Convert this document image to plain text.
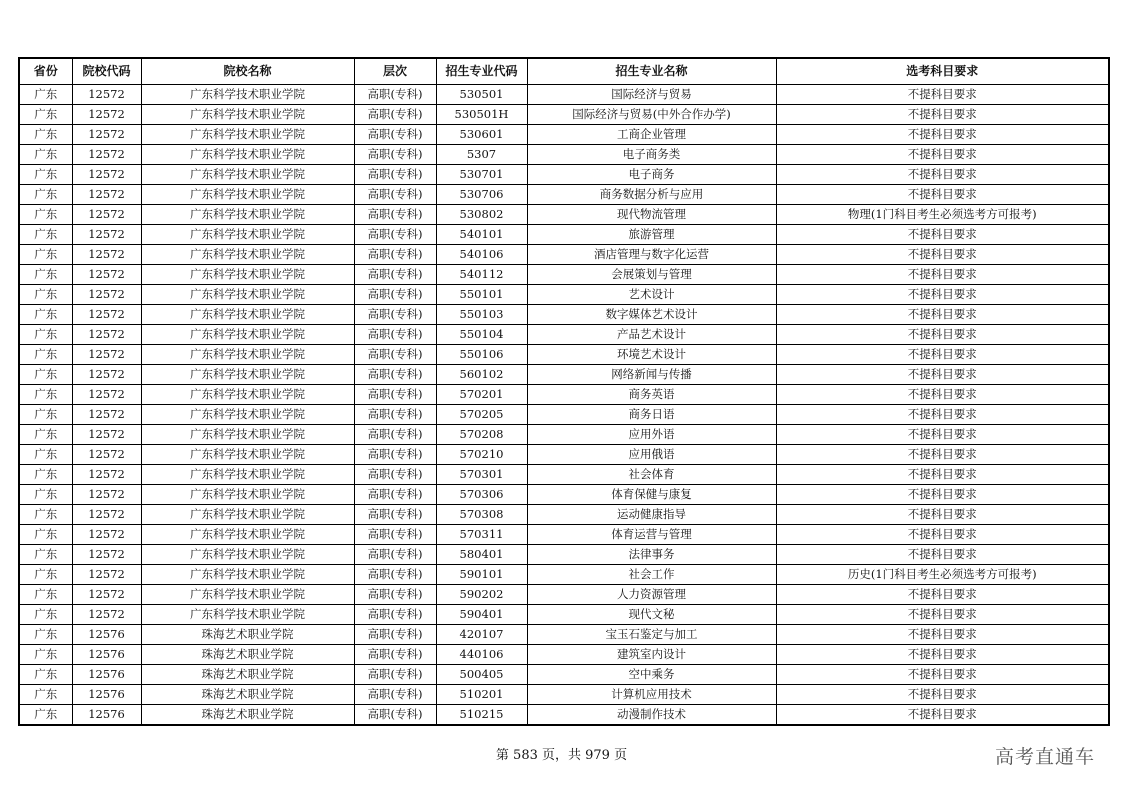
省份	院校代码	院校名称	层次	招生专业代码	招生专业名称	选考科目要求
广东	12572	广东科学技术职业学院	高职(专科)	530501	国际经济与贸易	不提科目要求
广东	12572	广东科学技术职业学院	高职(专科)	530501H	国际经济与贸易(中外合作办学)	不提科目要求
广东	12572	广东科学技术职业学院	高职(专科)	530601	工商企业管理	不提科目要求
广东	12572	广东科学技术职业学院	高职(专科)	5307	电子商务类	不提科目要求
广东	12572	广东科学技术职业学院	高职(专科)	530701	电子商务	不提科目要求
广东	12572	广东科学技术职业学院	高职(专科)	530706	商务数据分析与应用	不提科目要求
广东	12572	广东科学技术职业学院	高职(专科)	530802	现代物流管理	物理(1门科目考生必须选考方可报考)
广东	12572	广东科学技术职业学院	高职(专科)	540101	旅游管理	不提科目要求
广东	12572	广东科学技术职业学院	高职(专科)	540106	酒店管理与数字化运营	不提科目要求
广东	12572	广东科学技术职业学院	高职(专科)	540112	会展策划与管理	不提科目要求
广东	12572	广东科学技术职业学院	高职(专科)	550101	艺术设计	不提科目要求
广东	12572	广东科学技术职业学院	高职(专科)	550103	数字媒体艺术设计	不提科目要求
广东	12572	广东科学技术职业学院	高职(专科)	550104	产品艺术设计	不提科目要求
广东	12572	广东科学技术职业学院	高职(专科)	550106	环境艺术设计	不提科目要求
广东	12572	广东科学技术职业学院	高职(专科)	560102	网络新闻与传播	不提科目要求
广东	12572	广东科学技术职业学院	高职(专科)	570201	商务英语	不提科目要求
广东	12572	广东科学技术职业学院	高职(专科)	570205	商务日语	不提科目要求
广东	12572	广东科学技术职业学院	高职(专科)	570208	应用外语	不提科目要求
广东	12572	广东科学技术职业学院	高职(专科)	570210	应用俄语	不提科目要求
广东	12572	广东科学技术职业学院	高职(专科)	570301	社会体育	不提科目要求
广东	12572	广东科学技术职业学院	高职(专科)	570306	体育保健与康复	不提科目要求
广东	12572	广东科学技术职业学院	高职(专科)	570308	运动健康指导	不提科目要求
广东	12572	广东科学技术职业学院	高职(专科)	570311	体育运营与管理	不提科目要求
广东	12572	广东科学技术职业学院	高职(专科)	580401	法律事务	不提科目要求
广东	12572	广东科学技术职业学院	高职(专科)	590101	社会工作	历史(1门科目考生必须选考方可报考)
广东	12572	广东科学技术职业学院	高职(专科)	590202	人力资源管理	不提科目要求
广东	12572	广东科学技术职业学院	高职(专科)	590401	现代文秘	不提科目要求
广东	12576	珠海艺术职业学院	高职(专科)	420107	宝玉石鉴定与加工	不提科目要求
广东	12576	珠海艺术职业学院	高职(专科)	440106	建筑室内设计	不提科目要求
广东	12576	珠海艺术职业学院	高职(专科)	500405	空中乘务	不提科目要求
广东	12576	珠海艺术职业学院	高职(专科)	510201	计算机应用技术	不提科目要求
广东	12576	珠海艺术职业学院	高职(专科)	510215	动漫制作技术	不提科目要求
第 583 页，共 979 页	高考直通车
